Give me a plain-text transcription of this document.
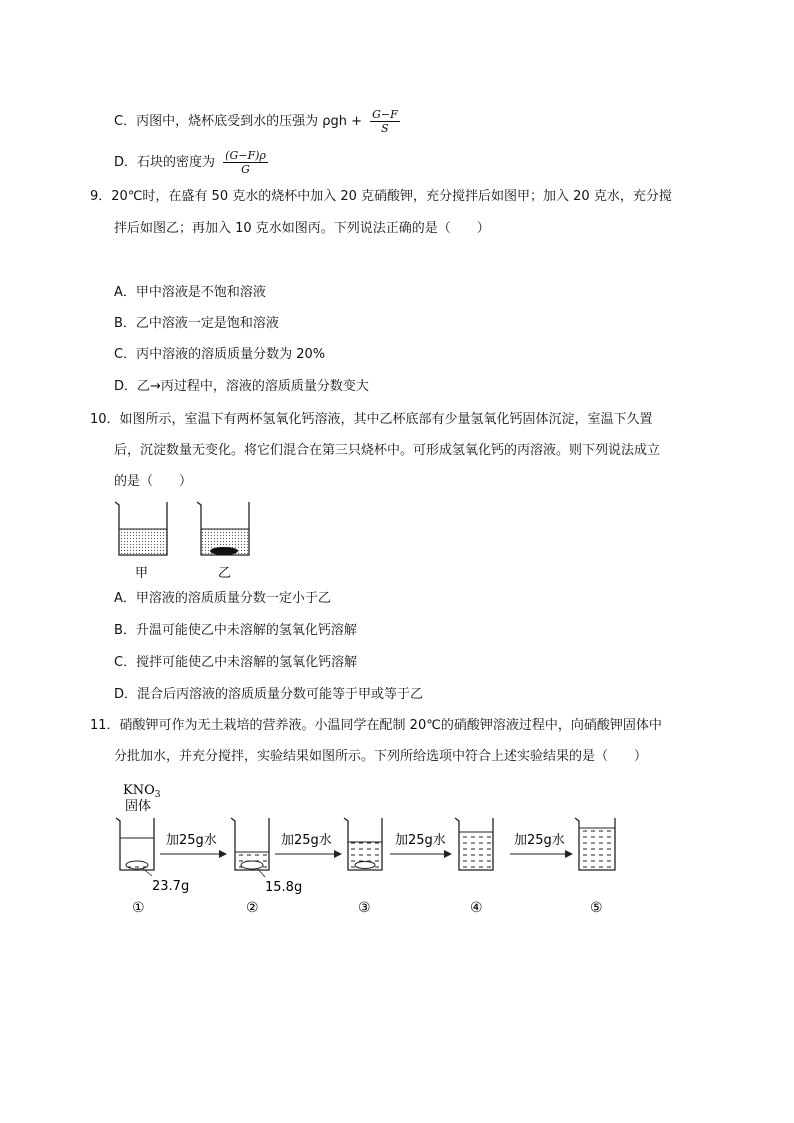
C．丙图中，烧杯底受到水的压强为 $\rho gh + \frac{G-F}{S}$
D．石块的密度为 $\frac{(G-F)\rho}{G}$
9．20℃时，在盛有 50 克水的烧杯中加入 20 克硝酸钾，充分搅拌后如图甲；加入 20 克水，充分搅
拌后如图乙；再加入 10 克水如图丙。下列说法正确的是（　　）
A．甲中溶液是不饱和溶液
B．乙中溶液一定是饱和溶液
C．丙中溶液的溶质质量分数为 20%
D．乙→丙过程中，溶液的溶质质量分数变大
10．如图所示，室温下有两杯氢氧化钙溶液，其中乙杯底部有少量氢氧化钙固体沉淀，室温下久置
后，沉淀数量无变化。将它们混合在第三只烧杯中。可形成氢氧化钙的丙溶液。则下列说法成立
的是（　　）
甲	乙
A．甲溶液的溶质质量分数一定小于乙
B．升温可能使乙中未溶解的氢氧化钙溶解
C．搅拌可能使乙中未溶解的氢氧化钙溶解
D．混合后丙溶液的溶质质量分数可能等于甲或等于乙
11．硝酸钾可作为无土栽培的营养液。小温同学在配制 20℃的硝酸钾溶液过程中，向硝酸钾固体中
分批加水，并充分搅拌，实验结果如图所示。下列所给选项中符合上述实验结果的是（　　）
$KNO_3$
固体
23.7g
加25g水
15.8g
加25g水	加25g水	加25g水
①	②	③	④	⑤
